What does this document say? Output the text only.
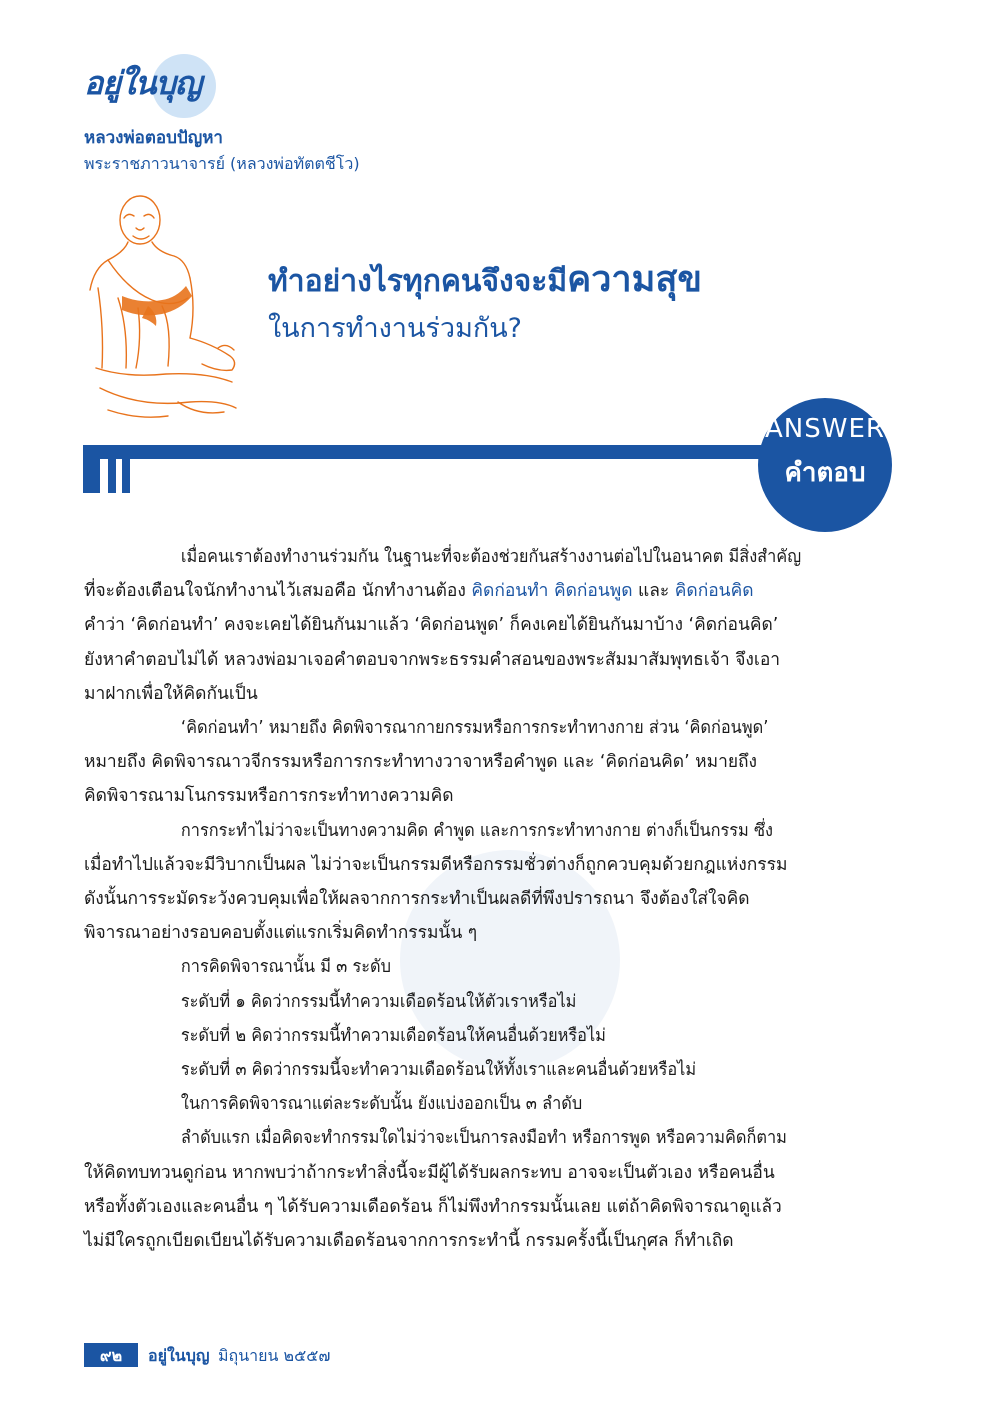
อยู่ในบุญ
หลวงพ่อตอบปัญหา
พระราชภาวนาจารย์ (หลวงพ่อทัตตชีโว)
ทำอย่างไรทุกคนจึงจะมีความสุข
ในการทำงานร่วมกัน?
ANSWER
คำตอบ

เมื่อคนเราต้องทำงานร่วมกัน ในฐานะที่จะต้องช่วยกันสร้างงานต่อไปในอนาคต มีสิ่งสำคัญ

ที่จะต้องเตือนใจนักทำงานไว้เสมอคือ นักทำงานต้อง คิดก่อนทำ คิดก่อนพูด และ คิดก่อนคิด
คำว่า ‘คิดก่อนทำ’ คงจะเคยได้ยินกันมาแล้ว ‘คิดก่อนพูด’ ก็คงเคยได้ยินกันมาบ้าง ‘คิดก่อนคิด’
ยังหาคำตอบไม่ได้ หลวงพ่อมาเจอคำตอบจากพระธรรมคำสอนของพระสัมมาสัมพุทธเจ้า จึงเอา
มาฝากเพื่อให้คิดกันเป็น

‘คิดก่อนทำ’ หมายถึง คิดพิจารณากายกรรมหรือการกระทำทางกาย ส่วน ‘คิดก่อนพูด’

หมายถึง คิดพิจารณาวจีกรรมหรือการกระทำทางวาจาหรือคำพูด และ ‘คิดก่อนคิด’ หมายถึง
คิดพิจารณามโนกรรมหรือการกระทำทางความคิด

การกระทำไม่ว่าจะเป็นทางความคิด คำพูด และการกระทำทางกาย ต่างก็เป็นกรรม ซึ่ง

เมื่อทำไปแล้วจะมีวิบากเป็นผล ไม่ว่าจะเป็นกรรมดีหรือกรรมชั่วต่างก็ถูกควบคุมด้วยกฎแห่งกรรม
ดังนั้นการระมัดระวังควบคุมเพื่อให้ผลจากการกระทำเป็นผลดีที่พึงปรารถนา จึงต้องใส่ใจคิด
พิจารณาอย่างรอบคอบตั้งแต่แรกเริ่มคิดทำกรรมนั้น ๆ

การคิดพิจารณานั้น มี ๓ ระดับ

ระดับที่ ๑ คิดว่ากรรมนี้ทำความเดือดร้อนให้ตัวเราหรือไม่

ระดับที่ ๒ คิดว่ากรรมนี้ทำความเดือดร้อนให้คนอื่นด้วยหรือไม่

ระดับที่ ๓ คิดว่ากรรมนี้จะทำความเดือดร้อนให้ทั้งเราและคนอื่นด้วยหรือไม่

ในการคิดพิจารณาแต่ละระดับนั้น ยังแบ่งออกเป็น ๓ ลำดับ

ลำดับแรก เมื่อคิดจะทำกรรมใดไม่ว่าจะเป็นการลงมือทำ หรือการพูด หรือความคิดก็ตาม

ให้คิดทบทวนดูก่อน หากพบว่าถ้ากระทำสิ่งนี้จะมีผู้ได้รับผลกระทบ อาจจะเป็นตัวเอง หรือคนอื่น
หรือทั้งตัวเองและคนอื่น ๆ ได้รับความเดือดร้อน ก็ไม่พึงทำกรรมนั้นเลย แต่ถ้าคิดพิจารณาดูแล้ว
ไม่มีใครถูกเบียดเบียนได้รับความเดือดร้อนจากการกระทำนี้ กรรมครั้งนี้เป็นกุศล ก็ทำเถิด

๙๒	อยู่ในบุญ มิถุนายน ๒๕๕๗
